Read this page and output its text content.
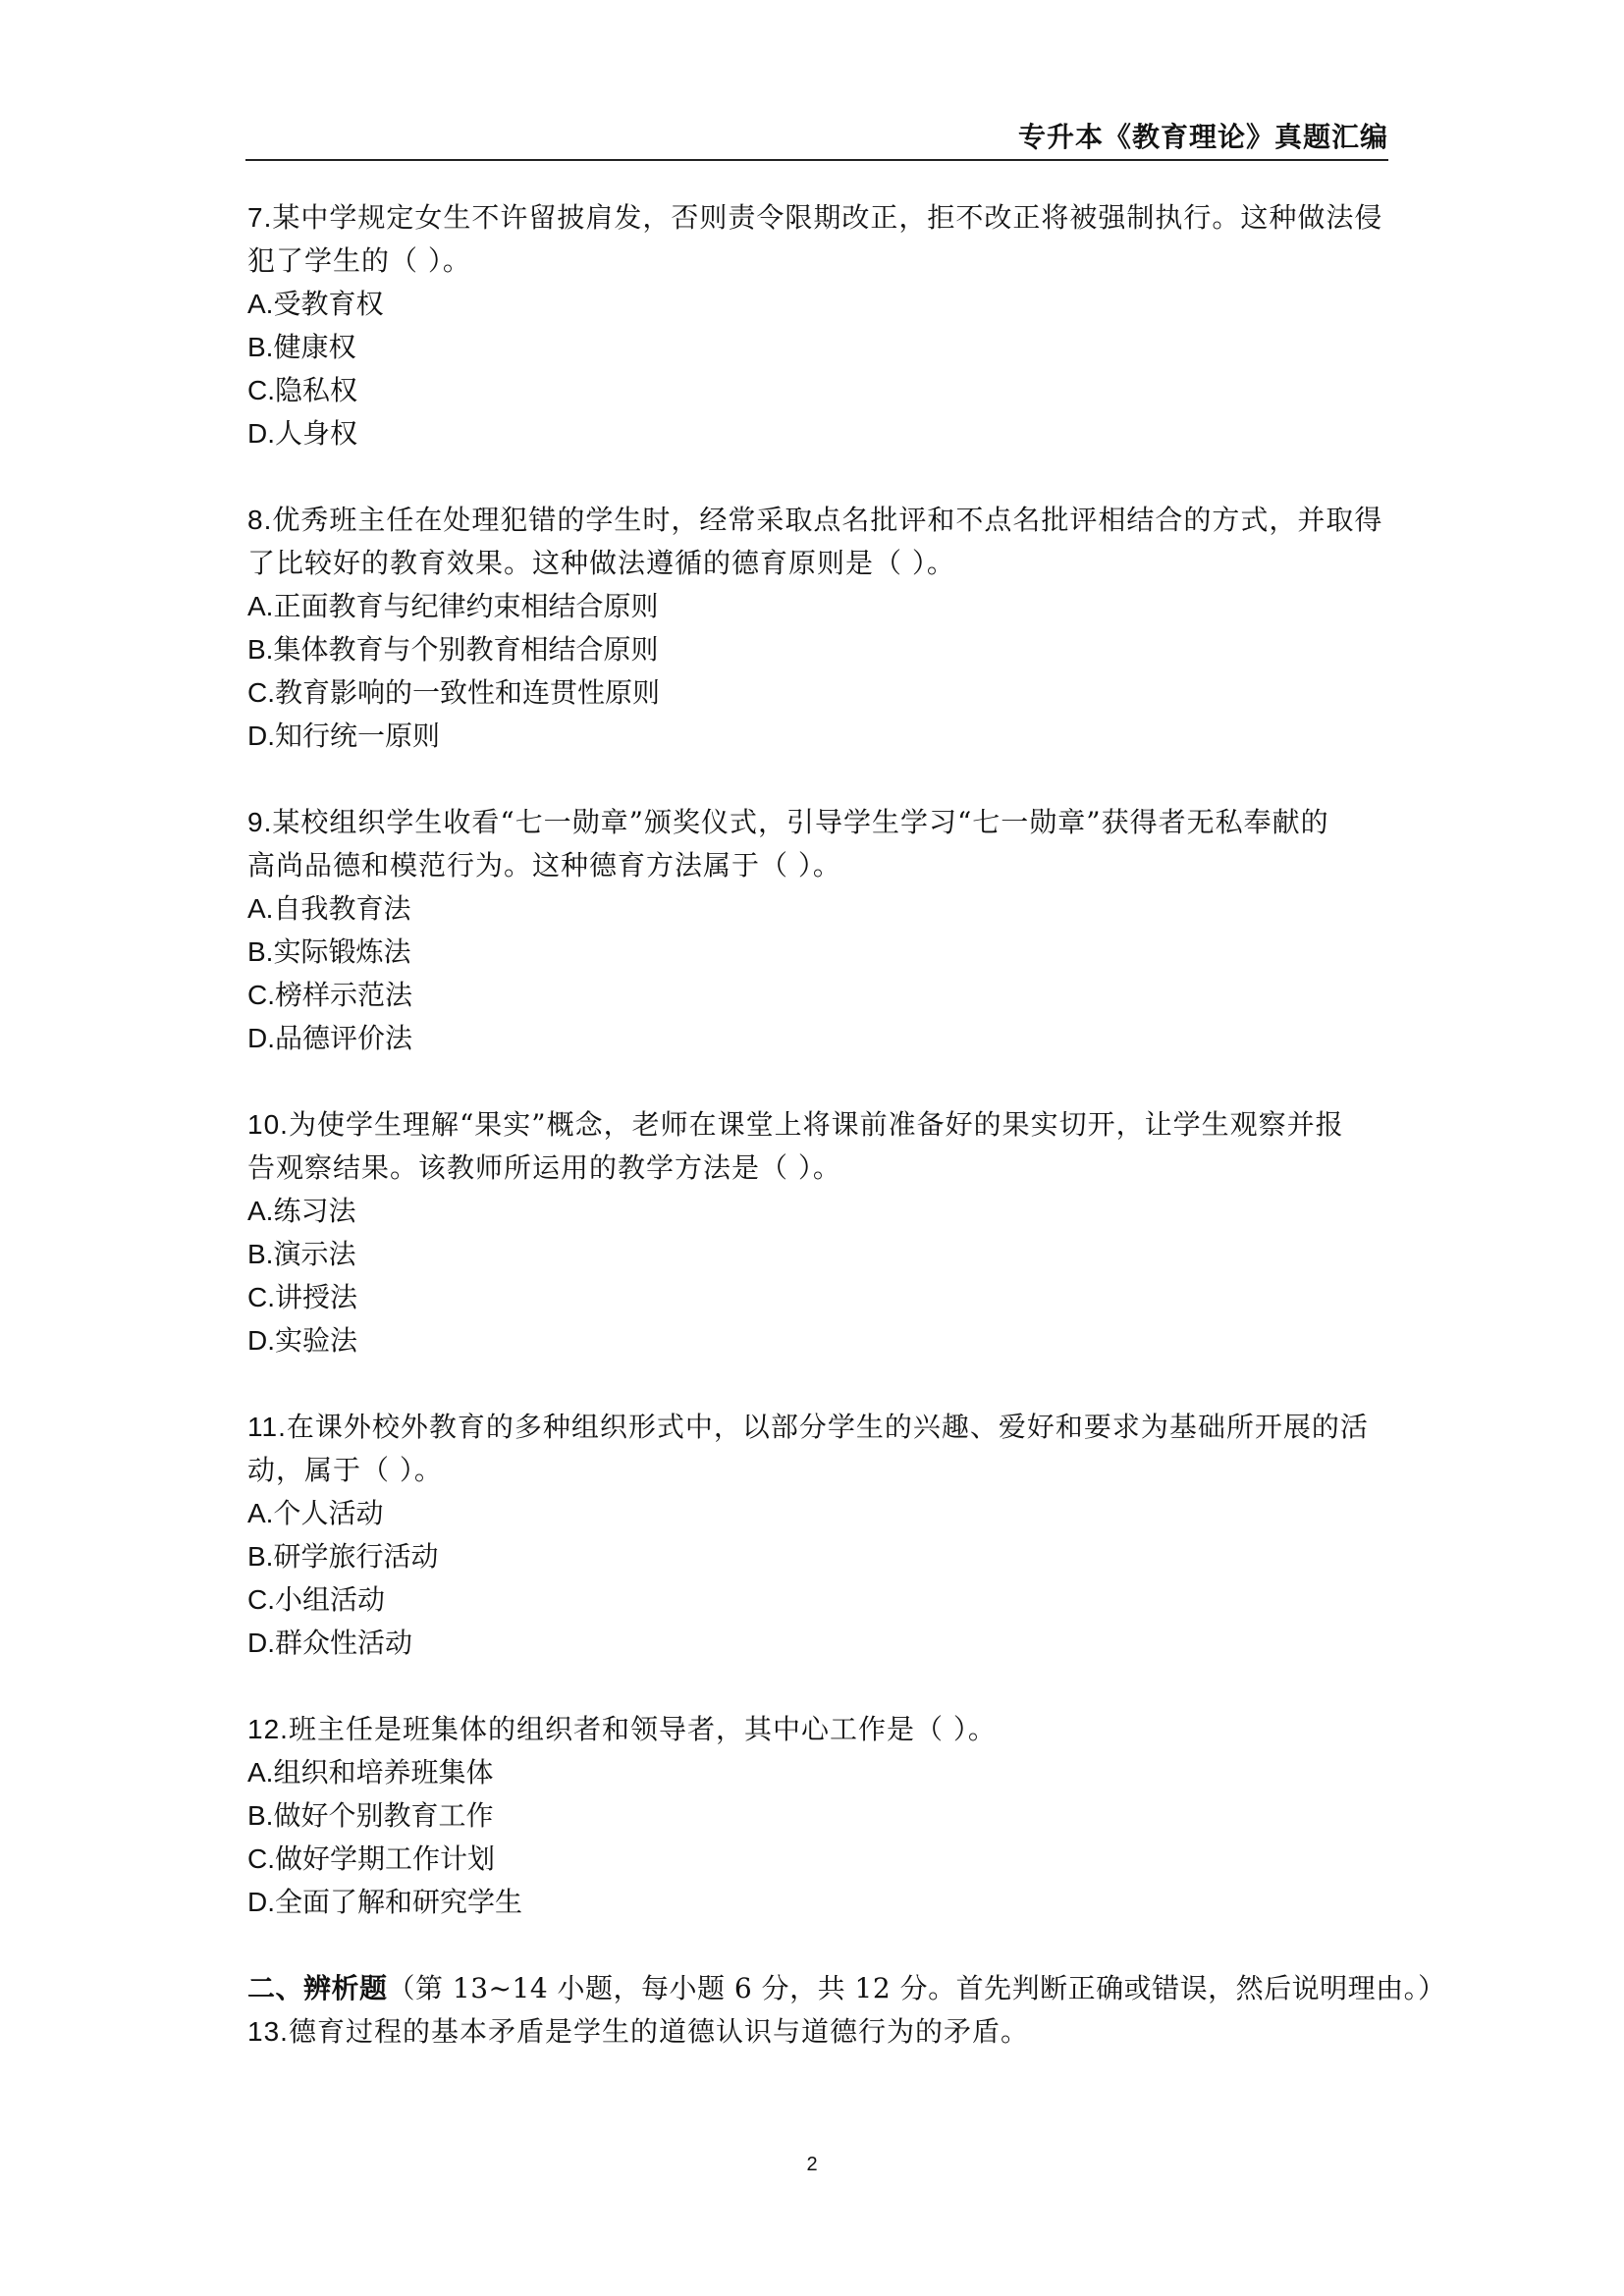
专升本《教育理论》真题汇编
7.某中学规定女生不许留披肩发，否则责令限期改正，拒不改正将被强制执行。这种做法侵
犯了学生的（ ）。
A.受教育权
B.健康权
C.隐私权
D.人身权
8.优秀班主任在处理犯错的学生时，经常采取点名批评和不点名批评相结合的方式，并取得
了比较好的教育效果。这种做法遵循的德育原则是（ ）。
A.正面教育与纪律约束相结合原则
B.集体教育与个别教育相结合原则
C.教育影响的一致性和连贯性原则
D.知行统一原则
9.某校组织学生收看“七一勋章”颁奖仪式，引导学生学习“七一勋章”获得者无私奉献的
高尚品德和模范行为。这种德育方法属于（ ）。
A.自我教育法
B.实际锻炼法
C.榜样示范法
D.品德评价法
10.为使学生理解“果实”概念，老师在课堂上将课前准备好的果实切开，让学生观察并报
告观察结果。该教师所运用的教学方法是（ ）。
A.练习法
B.演示法
C.讲授法
D.实验法
11.在课外校外教育的多种组织形式中，以部分学生的兴趣、爱好和要求为基础所开展的活
动，属于（ ）。
A.个人活动
B.研学旅行活动
C.小组活动
D.群众性活动
12.班主任是班集体的组织者和领导者，其中心工作是（ ）。
A.组织和培养班集体
B.做好个别教育工作
C.做好学期工作计划
D.全面了解和研究学生
二、辨析题（第 13~14 小题，每小题 6 分，共 12 分。首先判断正确或错误，然后说明理由。）
13.德育过程的基本矛盾是学生的道德认识与道德行为的矛盾。
2
